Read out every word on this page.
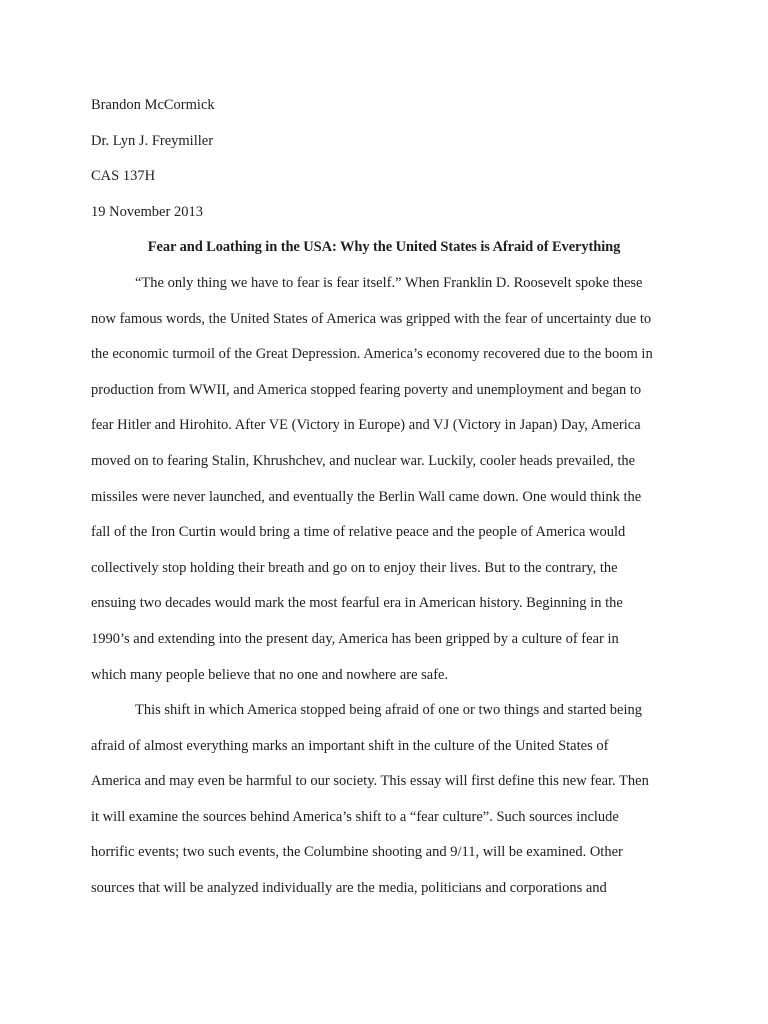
Brandon McCormick

Dr. Lyn J. Freymiller

CAS 137H

19 November 2013

Fear and Loathing in the USA: Why the United States is Afraid of Everything

“The only thing we have to fear is fear itself.” When Franklin D. Roosevelt spoke these
now famous words, the United States of America was gripped with the fear of uncertainty due to
the economic turmoil of the Great Depression. America’s economy recovered due to the boom in
production from WWII, and America stopped fearing poverty and unemployment and began to
fear Hitler and Hirohito. After VE (Victory in Europe) and VJ (Victory in Japan) Day, America
moved on to fearing Stalin, Khrushchev, and nuclear war. Luckily, cooler heads prevailed, the
missiles were never launched, and eventually the Berlin Wall came down. One would think the
fall of the Iron Curtin would bring a time of relative peace and the people of America would
collectively stop holding their breath and go on to enjoy their lives. But to the contrary, the
ensuing two decades would mark the most fearful era in American history. Beginning in the
1990’s and extending into the present day, America has been gripped by a culture of fear in
which many people believe that no one and nowhere are safe.
This shift in which America stopped being afraid of one or two things and started being
afraid of almost everything marks an important shift in the culture of the United States of
America and may even be harmful to our society. This essay will first define this new fear. Then
it will examine the sources behind America’s shift to a “fear culture”. Such sources include
horrific events; two such events, the Columbine shooting and 9/11, will be examined. Other
sources that will be analyzed individually are the media, politicians and corporations and
